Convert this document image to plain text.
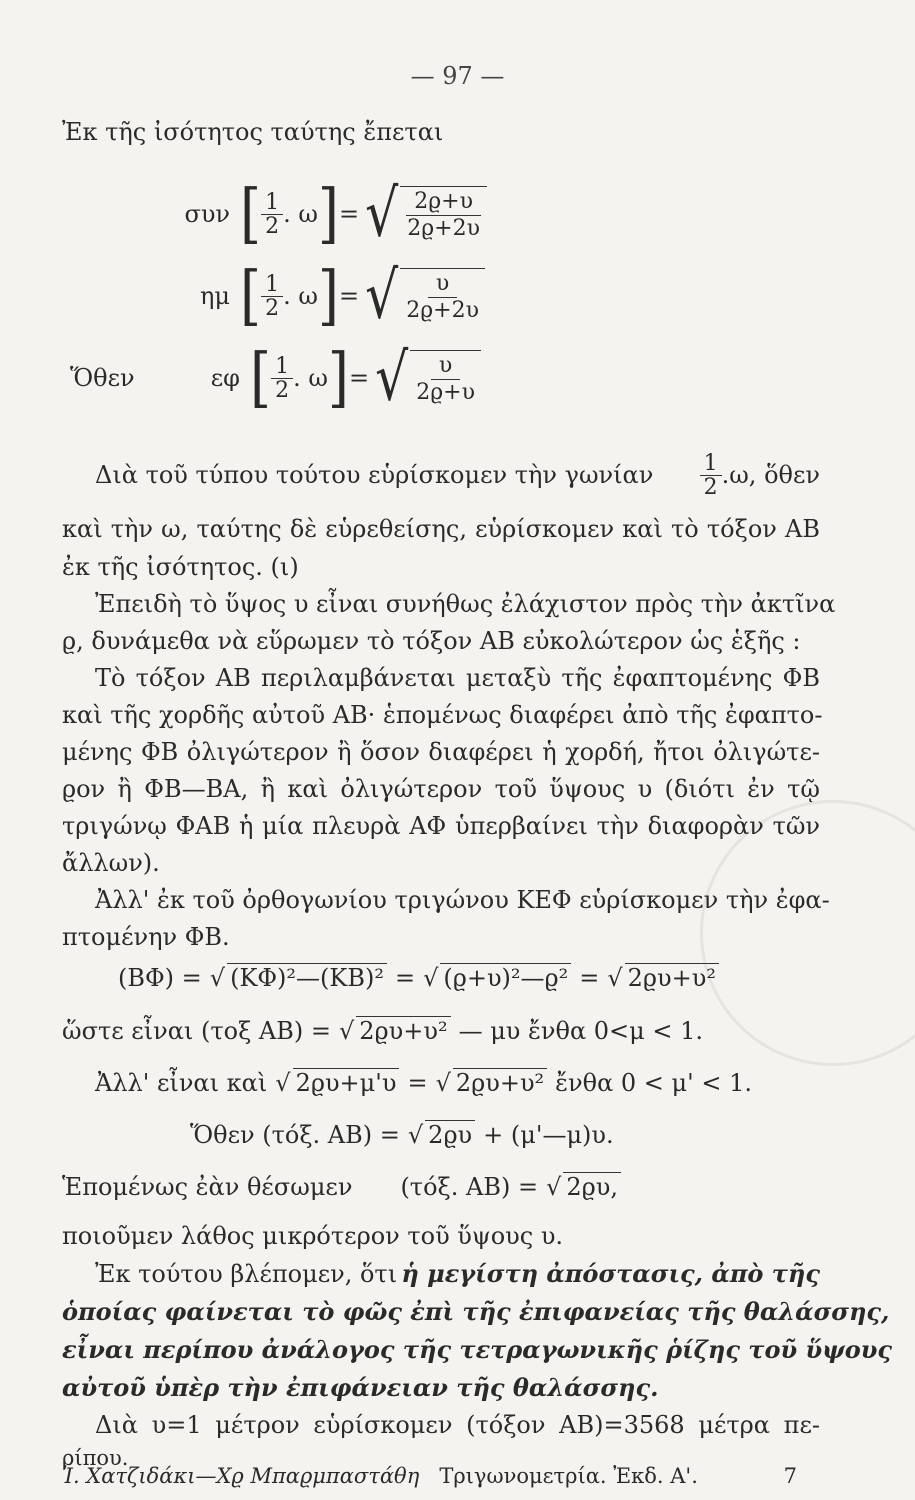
— 97 —
Ἐκ τῆς ἰσότητος ταύτης ἔπεται
συν [ $\frac{1}{2}$ . ω ] = √ 2ϱ+υ
2ϱ+2υ
ημ [ $\frac{1}{2}$ . ω ] = √	υ
2ϱ+2υ
Ὅθεν	εφ [ $\frac{1}{2}$ . ω ] = √	υ
2ϱ+υ
Διὰ τοῦ τύπου τούτου εὑρίσκομεν τὴν γωνίαν $\frac{1}{2} .\omega$, ὅθεν
καὶ τὴν ω, ταύτης δὲ εὑρεθείσης, εὑρίσκομεν καὶ τὸ τόξον ΑΒ
ἐκ τῆς ἰσότητος. (ι)
Ἐπειδὴ τὸ ὕψος υ εἶναι συνήθως ἐλάχιστον πρὸς τὴν ἀκτῖνα
ϱ, δυνάμεθα νὰ εὕρωμεν τὸ τόξον ΑΒ εὐκολώτερον ὡς ἑξῆς :
Τὸ τόξον ΑΒ περιλαμβάνεται μεταξὺ τῆς ἐφαπτομένης ΦΒ
καὶ τῆς χορδῆς αὐτοῦ ΑΒ· ἑπομένως διαφέρει ἀπὸ τῆς ἐφαπτο-
μένης ΦΒ ὀλιγώτερον ἢ ὅσον διαφέρει ἡ χορδή, ἤτοι ὀλιγώτε-
ϱον ἢ ΦΒ—ΒΑ, ἢ καὶ ὀλιγώτερον τοῦ ὕψους υ (διότι ἐν τῷ
τριγώνῳ ΦΑΒ ἡ μία πλευρὰ ΑΦ ὑπερβαίνει τὴν διαφορὰν τῶν
ἄλλων).
Ἀλλ' ἐκ τοῦ ὀρθογωνίου τριγώνου ΚΕΦ εὑρίσκομεν τὴν ἐφα-
πτομένην ΦΒ.
(ΒΦ) = √ (ΚΦ)²—(ΚΒ)² = √ (ϱ+υ)²—ϱ² = √ 2ϱυ+υ²
ὥστε εἶναι (τοξ ΑΒ) = √ 2ϱυ+υ² — μυ ἔνθα 0<μ < 1.
Ἀλλ' εἶναι καὶ √ 2ϱυ+μ'υ = √ 2ϱυ+υ² ἔνθα 0 < μ' < 1.
Ὅθεν (τόξ. ΑΒ) = √ 2ϱυ + (μ'—μ)υ.
Ἑπομένως ἐὰν θέσωμεν (τόξ. ΑΒ) = √ 2ϱυ,
ποιοῦμεν λάθος μικρότερον τοῦ ὕψους υ.
Ἐκ τούτου βλέπομεν, ὅτι ἡ μεγίστη ἀπόστασις, ἀπὸ τῆς
ὁποίας φαίνεται τὸ φῶς ἐπὶ τῆς ἐπιφανείας τῆς θαλάσσης,
εἶναι περίπου ἀνάλογος τῆς τετραγωνικῆς ῥίζης τοῦ ὕψους
αὐτοῦ ὑπὲρ τὴν ἐπιφάνειαν τῆς θαλάσσης.
Διὰ υ=1 μέτρον εὑρίσκομεν (τόξον ΑΒ)=3568 μέτρα πε-
ρίπου.
Ἰ. Χατζιδάκι—Χϱ Μπαϱμπαστάθη Τριγωνομετρία. Ἐκδ. Α'.	7
